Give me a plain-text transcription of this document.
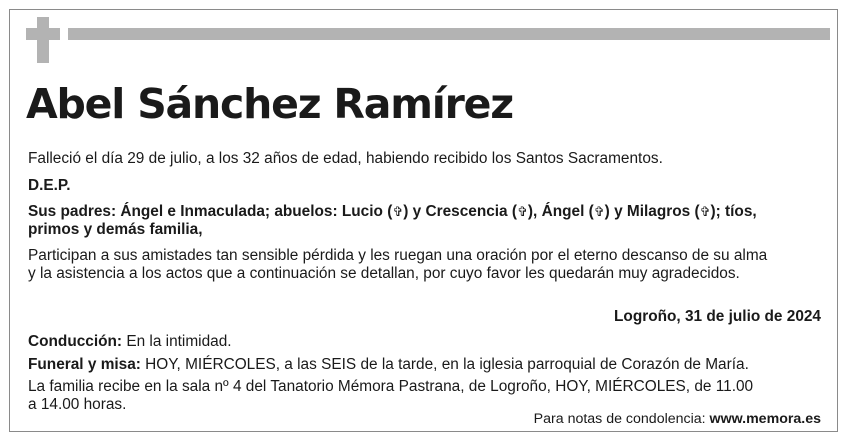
Abel Sánchez Ramírez

Falleció el día 29 de julio, a los 32 años de edad, habiendo recibido los Santos Sacramentos.

D.E.P.

Sus padres: Ángel e Inmaculada; abuelos: Lucio (✞) y Crescencia (✞), Ángel (✞) y Milagros (✞); tíos,

primos y demás familia,

Participan a sus amistades tan sensible pérdida y les ruegan una oración por el eterno descanso de su alma

y la asistencia a los actos que a continuación se detallan, por cuyo favor les quedarán muy agradecidos.

Logroño, 31 de julio de 2024

Conducción: En la intimidad.

Funeral y misa: HOY, MIÉRCOLES, a las SEIS de la tarde, en la iglesia parroquial de Corazón de María.

La familia recibe en la sala nº 4 del Tanatorio Mémora Pastrana, de Logroño, HOY, MIÉRCOLES, de 11.00

a 14.00 horas.

Para notas de condolencia: www.memora.es
